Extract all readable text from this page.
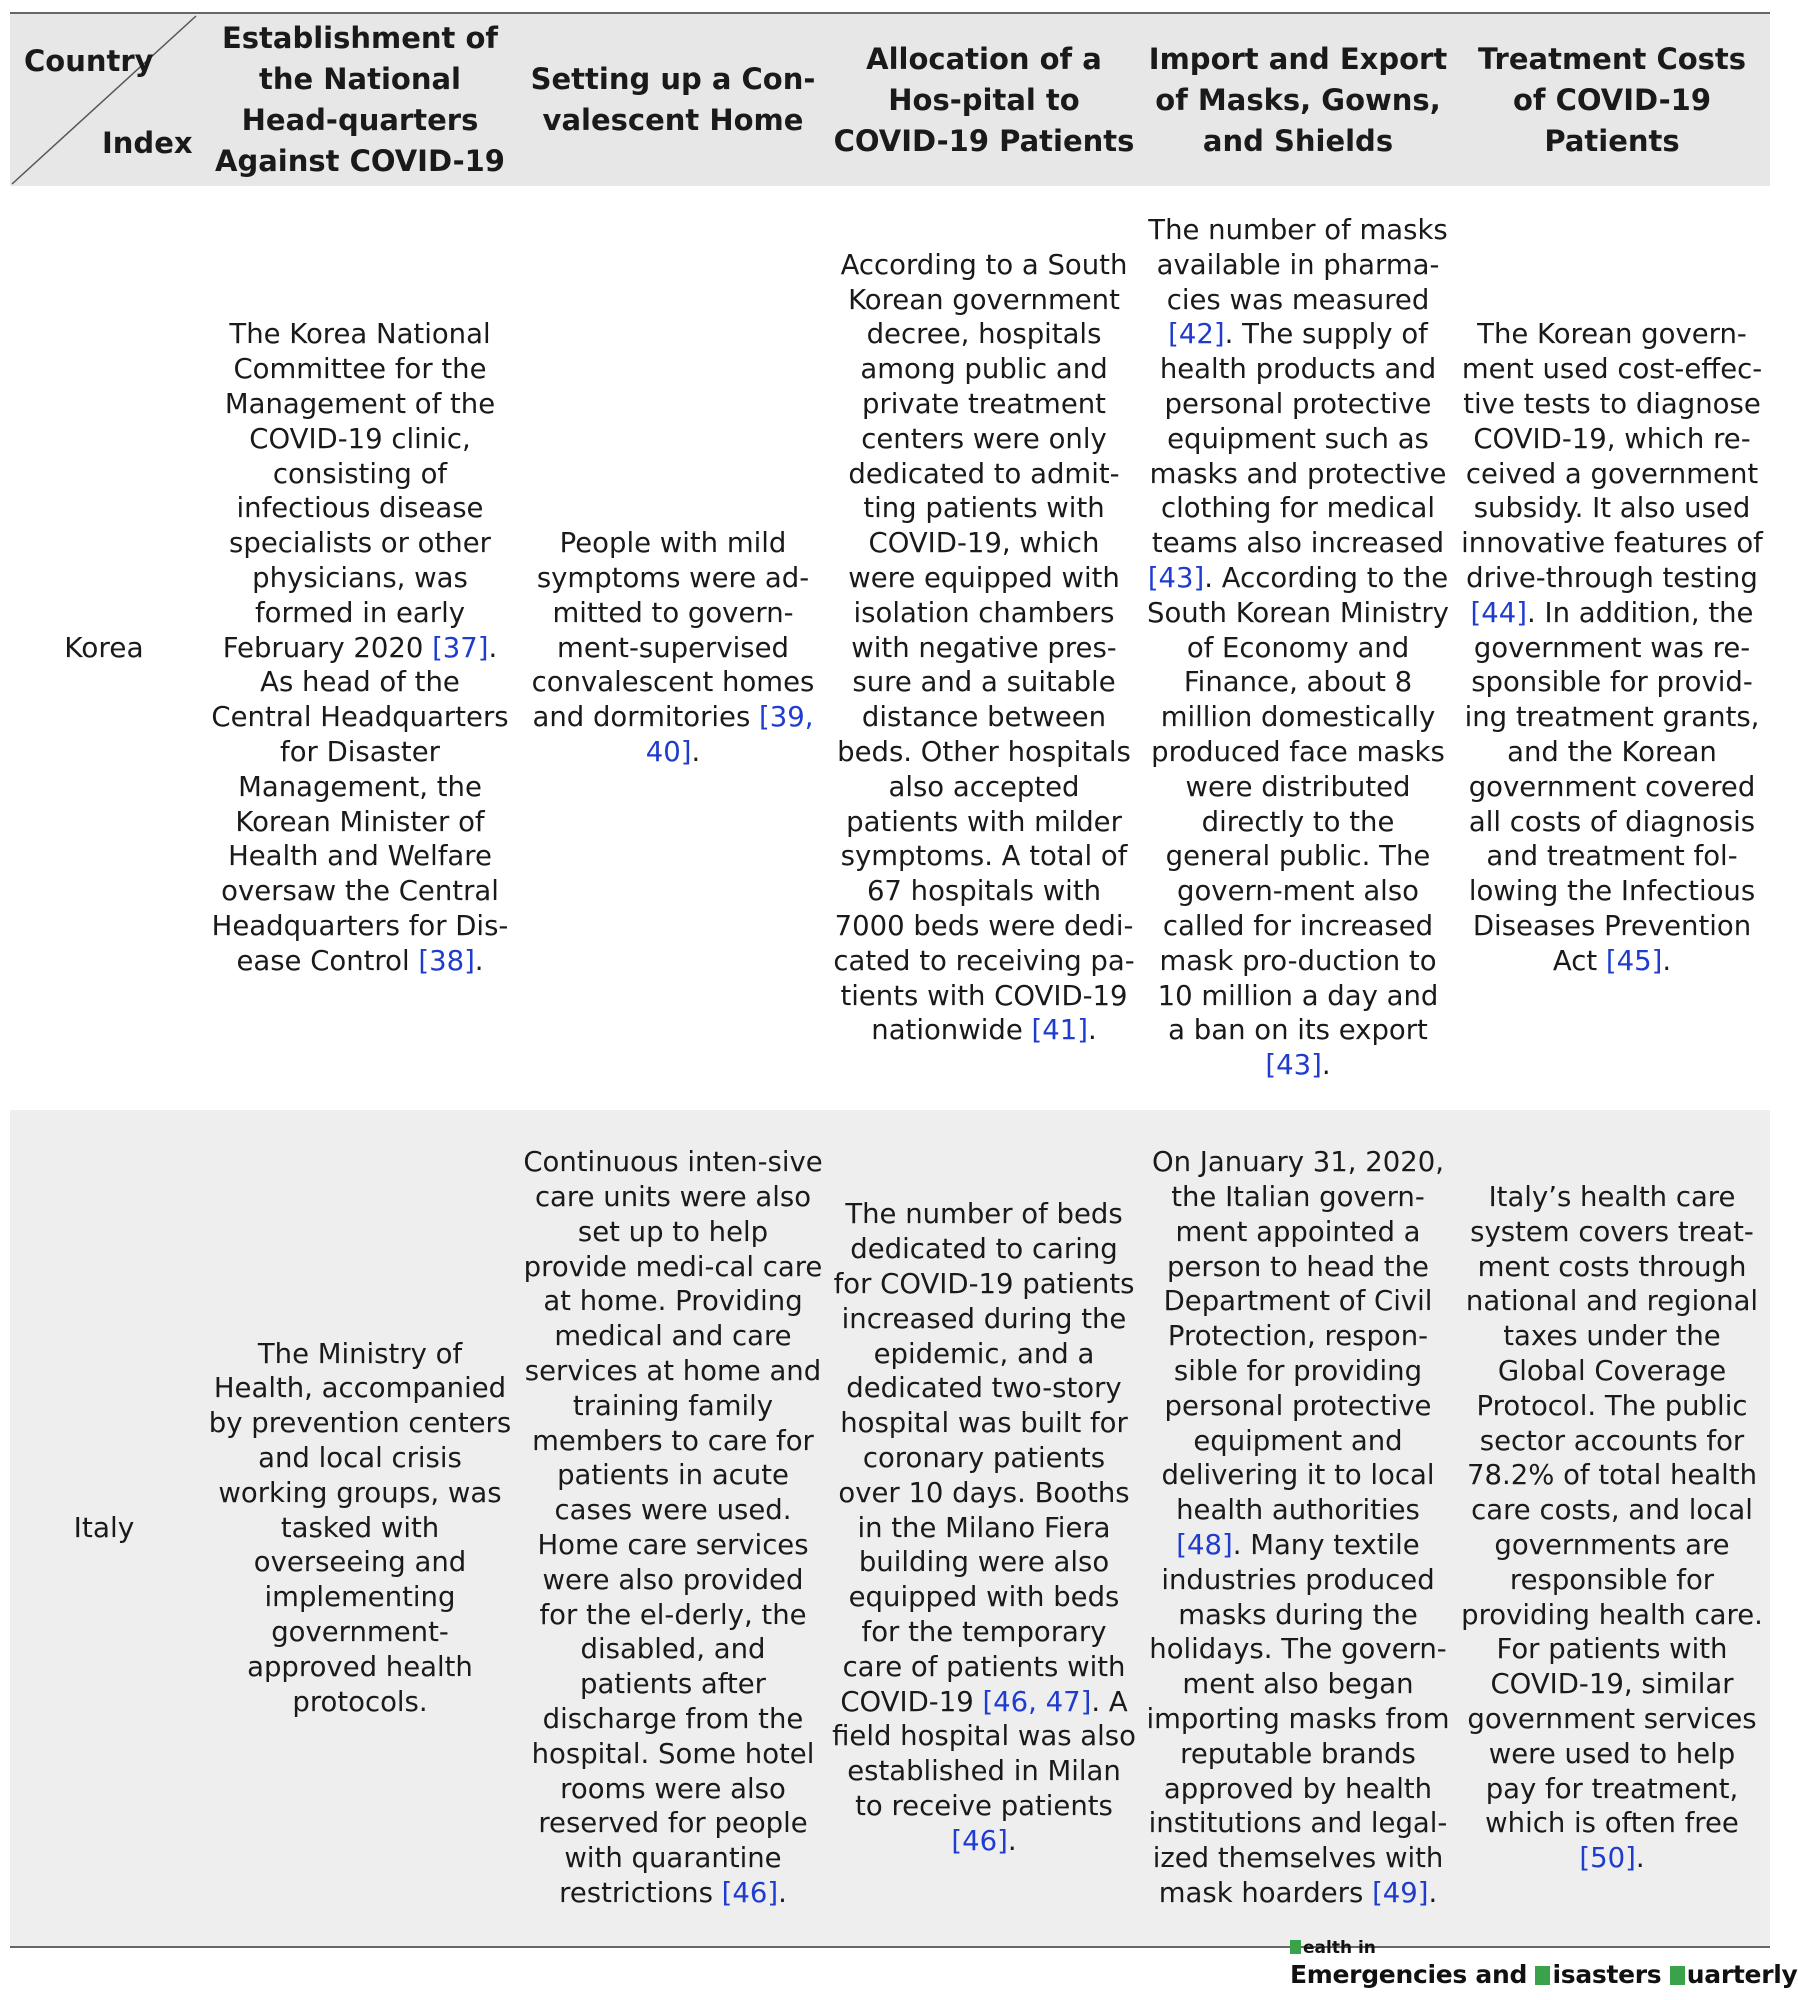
Country
Index
Establishment of the National Head-quarters Against COVID-19
Setting up a Con-valescent Home
Allocation of a Hos-pital to COVID-19 Patients
Import and Export of Masks, Gowns, and Shields
Treatment Costs of COVID-19 Patients
Korea

The Korea National Committee for the Management of the COVID-19 clinic, consisting of infectious disease specialists or other physicians, was formed in early February 2020 [37]. As head of the Central Headquarters for Disaster Management, the Korean Minister of Health and Welfare oversaw the Central Headquarters for Dis-ease Control [38].

People with mild symptoms were ad-mitted to govern-ment-supervised convalescent homes and dormitories [39, 40].

According to a South Korean government decree, hospitals among public and private treatment centers were only dedicated to admit-ting patients with COVID-19, which were equipped with isolation chambers with negative pres-sure and a suitable distance between beds. Other hospitals also accepted patients with milder symptoms. A total of 67 hospitals with 7000 beds were dedi-cated to receiving pa-tients with COVID-19 nationwide [41].

The number of masks available in pharma-cies was measured [42]. The supply of health products and personal protective equipment such as masks and protective clothing for medical teams also increased [43]. According to the South Korean Ministry of Economy and Finance, about 8 million domestically produced face masks were distributed directly to the general public. The govern-ment also called for increased mask pro-duction to 10 million a day and a ban on its export [43].

The Korean govern-ment used cost-effec-tive tests to diagnose COVID-19, which re-ceived a government subsidy. It also used innovative features of drive-through testing [44]. In addition, the government was re-sponsible for provid-ing treatment grants, and the Korean government covered all costs of diagnosis and treatment fol-lowing the Infectious Diseases Prevention Act [45].

Italy

The Ministry of Health, accompanied by prevention centers and local crisis working groups, was tasked with overseeing and implementing government-approved health protocols.

Continuous inten-sive care units were also set up to help provide medi-cal care at home. Providing medical and care services at home and training family members to care for patients in acute cases were used. Home care services were also provided for the el-derly, the disabled, and patients after discharge from the hospital. Some hotel rooms were also reserved for people with quarantine restrictions [46].

The number of beds dedicated to caring for COVID-19 patients increased during the epidemic, and a dedicated two-story hospital was built for coronary patients over 10 days. Booths in the Milano Fiera building were also equipped with beds for the temporary care of patients with COVID-19 [46, 47]. A field hospital was also established in Milan to receive patients [46].

On January 31, 2020, the Italian govern-ment appointed a person to head the Department of Civil Protection, respon-sible for providing personal protective equipment and delivering it to local health authorities [48]. Many textile industries produced masks during the holidays. The govern-ment also began importing masks from reputable brands approved by health institutions and legal-ized themselves with mask hoarders [49].

Italy’s health care system covers treat-ment costs through national and regional taxes under the Global Coverage Protocol. The public sector accounts for 78.2% of total health care costs, and local governments are responsible for providing health care. For patients with COVID-19, similar government services were used to help pay for treatment, which is often free [50].

ealth in
Emergencies and isasters uarterly
